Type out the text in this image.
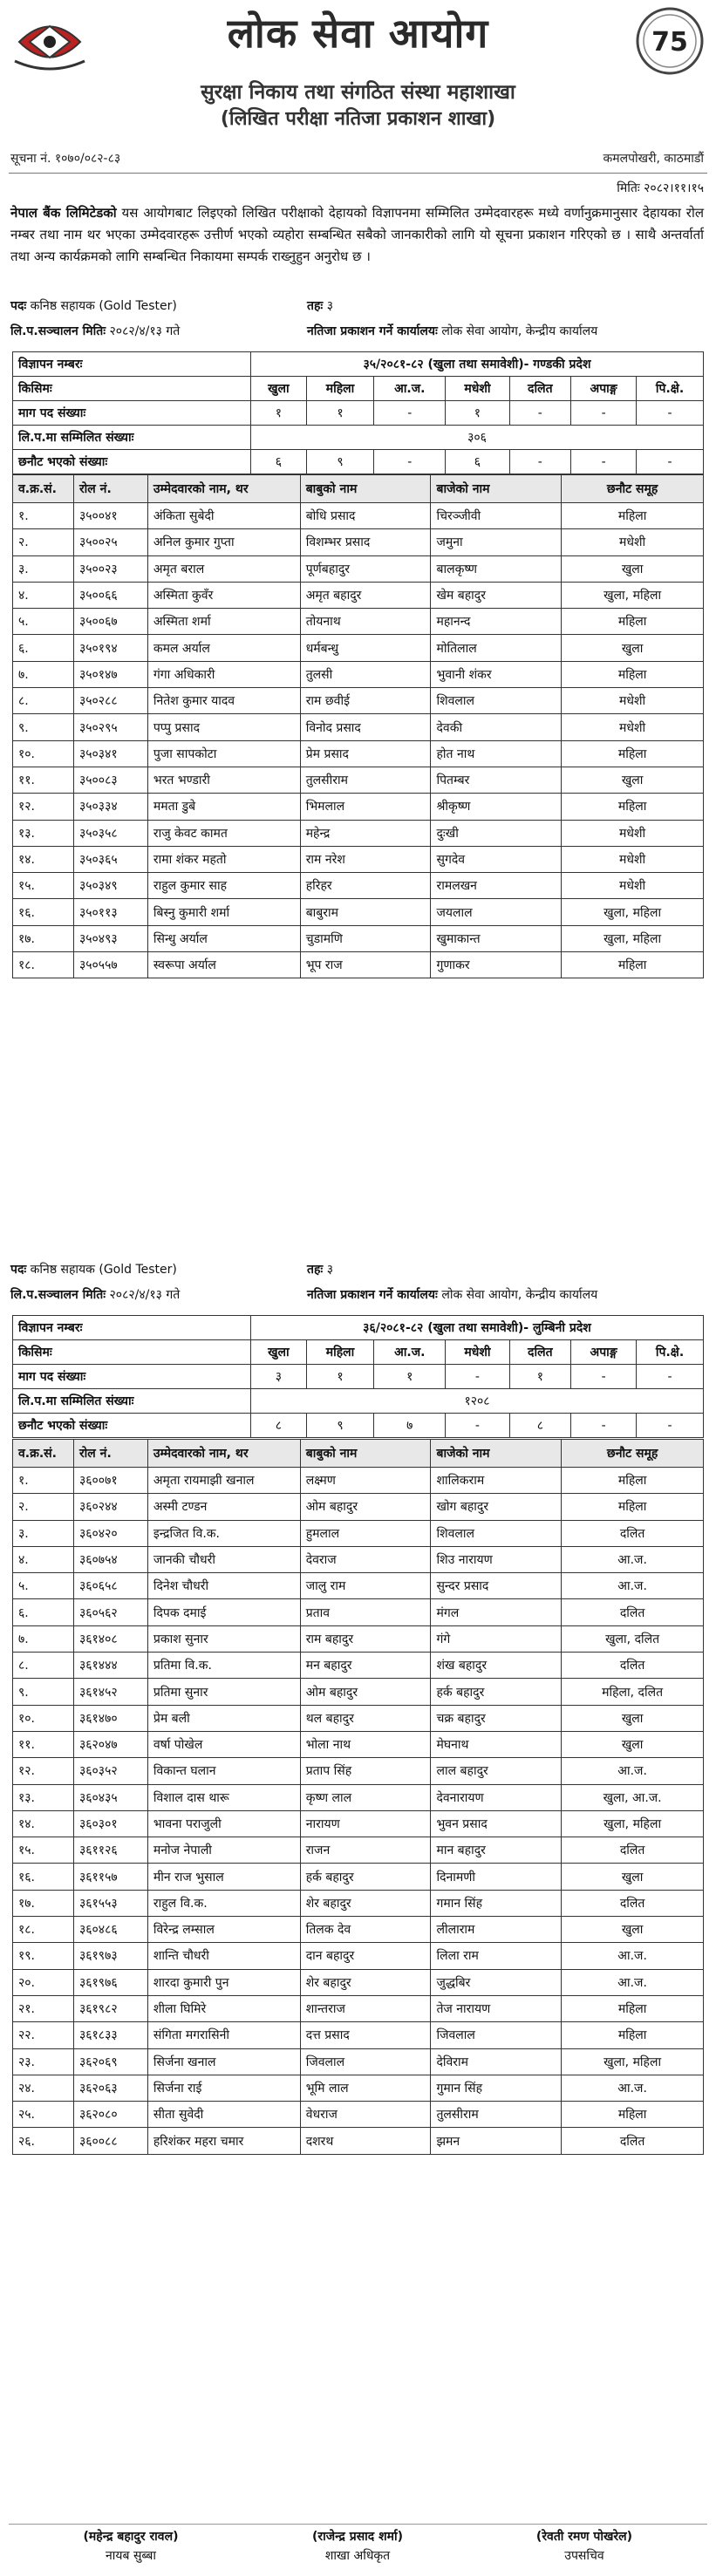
लोक सेवा आयोग	75
सुरक्षा निकाय तथा संगठित संस्था महाशाखा
(लिखित परीक्षा नतिजा प्रकाशन शाखा)
सूचना नं. १०७०/०८२-८३	कमलपोखरी, काठमाडौं
मितिः २०८२।११।१५
नेपाल बैंक लिमिटेडको यस आयोगबाट लिइएको लिखित परीक्षाको देहायको विज्ञापनमा सम्मिलित उम्मेदवारहरू मध्ये वर्णानुक्रमानुसार देहायका रोल नम्बर तथा नाम थर भएका उम्मेदवारहरू उत्तीर्ण भएको व्यहोरा सम्बन्धित सबैको जानकारीको लागि यो सूचना प्रकाशन गरिएको छ । साथै अन्तर्वार्ता तथा अन्य कार्यक्रमको लागि सम्बन्धित निकायमा सम्पर्क राख्नुहुन अनुरोध छ ।
पदः कनिष्ठ सहायक (Gold Tester)	तहः ३
लि.प.सञ्चालन मितिः २०८२/४/१३ गते	नतिजा प्रकाशन गर्ने कार्यालयः लोक सेवा आयोग, केन्द्रीय कार्यालय
विज्ञापन नम्बरः	३५/२०८१-८२ (खुला तथा समावेशी)- गण्डकी प्रदेश						
किसिमः	खुला	महिला	आ.ज.	मधेशी	दलित	अपाङ्ग	पि.क्षे.
माग पद संख्याः	१	१	-	१	-	-	-
लि.प.मा सम्मिलित संख्याः	३०६						
छनौट भएको संख्याः	६	९	-	६	-	-	-
व.क्र.सं.	रोल नं.	उम्मेदवारको नाम, थर	बाबुको नाम	बाजेको नाम	छनौट समूह
१.	३५००४१	अंकिता सुबेदी	बोधि प्रसाद	चिरञ्जीवी	महिला
२.	३५००२५	अनिल कुमार गुप्ता	विशम्भर प्रसाद	जमुना	मधेशी
३.	३५००२३	अमृत बराल	पूर्णबहादुर	बालकृष्ण	खुला
४.	३५००६६	अस्मिता कुवँर	अमृत बहादुर	खेम बहादुर	खुला, महिला
५.	३५००६७	अस्मिता शर्मा	तोयनाथ	महानन्द	महिला
६.	३५०१९४	कमल अर्याल	धर्मबन्धु	मोतिलाल	खुला
७.	३५०१४७	गंगा अधिकारी	तुलसी	भुवानी शंकर	महिला
८.	३५०२८८	नितेश कुमार यादव	राम छवीई	शिवलाल	मधेशी
९.	३५०२९५	पप्पु प्रसाद	विनोद प्रसाद	देवकी	मधेशी
१०.	३५०३४१	पुजा सापकोटा	प्रेम प्रसाद	होत नाथ	महिला
११.	३५००८३	भरत भण्डारी	तुलसीराम	पितम्बर	खुला
१२.	३५०३३४	ममता डुबे	भिमलाल	श्रीकृष्ण	महिला
१३.	३५०३५८	राजु केवट कामत	महेन्द्र	दुःखी	मधेशी
१४.	३५०३६५	रामा शंकर महतो	राम नरेश	सुगदेव	मधेशी
१५.	३५०३४९	राहुल कुमार साह	हरिहर	रामलखन	मधेशी
१६.	३५०११३	बिस्नु कुमारी शर्मा	बाबुराम	जयलाल	खुला, महिला
१७.	३५०४९३	सिन्धु अर्याल	चुडामणि	खुमाकान्त	खुला, महिला
१८.	३५०५५७	स्वरूपा अर्याल	भूप राज	गुणाकर	महिला
पदः कनिष्ठ सहायक (Gold Tester)	तहः ३
लि.प.सञ्चालन मितिः २०८२/४/१३ गते	नतिजा प्रकाशन गर्ने कार्यालयः लोक सेवा आयोग, केन्द्रीय कार्यालय
विज्ञापन नम्बरः	३६/२०८१-८२ (खुला तथा समावेशी)- लुम्बिनी प्रदेश						
किसिमः	खुला	महिला	आ.ज.	मधेशी	दलित	अपाङ्ग	पि.क्षे.
माग पद संख्याः	३	१	१	-	१	-	-
लि.प.मा सम्मिलित संख्याः	१२०८						
छनौट भएको संख्याः	८	९	७	-	८	-	-
व.क्र.सं.	रोल नं.	उम्मेदवारको नाम, थर	बाबुको नाम	बाजेको नाम	छनौट समूह
१.	३६००७१	अमृता रायमाझी खनाल	लक्ष्मण	शालिकराम	महिला
२.	३६०२४४	अस्मी टण्डन	ओम बहादुर	खोग बहादुर	महिला
३.	३६०४२०	इन्द्रजित वि.क.	हुमलाल	शिवलाल	दलित
४.	३६०७५४	जानकी चौधरी	देवराज	शिउ नारायण	आ.ज.
५.	३६०६५८	दिनेश चौधरी	जालु राम	सुन्दर प्रसाद	आ.ज.
६.	३६०५६२	दिपक दमाई	प्रताव	मंगल	दलित
७.	३६१४०८	प्रकाश सुनार	राम बहादुर	गंगे	खुला, दलित
८.	३६१४४४	प्रतिमा वि.क.	मन बहादुर	शंख बहादुर	दलित
९.	३६१४५२	प्रतिमा सुनार	ओम बहादुर	हर्क बहादुर	महिला, दलित
१०.	३६१४७०	प्रेम बली	थल बहादुर	चक्र बहादुर	खुला
११.	३६२०४७	वर्षा पोखेल	भोला नाथ	मेघनाथ	खुला
१२.	३६०३५२	विकान्त घलान	प्रताप सिंह	लाल बहादुर	आ.ज.
१३.	३६०४३५	विशाल दास थारू	कृष्ण लाल	देवनारायण	खुला, आ.ज.
१४.	३६०३०१	भावना पराजुली	नारायण	भुवन प्रसाद	खुला, महिला
१५.	३६११२६	मनोज नेपाली	राजन	मान बहादुर	दलित
१६.	३६११५७	मीन राज भुसाल	हर्क बहादुर	दिनामणी	खुला
१७.	३६१५५३	राहुल वि.क.	शेर बहादुर	गमान सिंह	दलित
१८.	३६०४८६	विरेन्द्र लम्साल	तिलक देव	लीलाराम	खुला
१९.	३६१९७३	शान्ति चौधरी	दान बहादुर	लिला राम	आ.ज.
२०.	३६१९७६	शारदा कुमारी पुन	शेर बहादुर	जुद्धबिर	आ.ज.
२१.	३६१९८२	शीला घिमिरे	शान्तराज	तेज नारायण	महिला
२२.	३६१८३३	संगिता मगरासिनी	दत्त प्रसाद	जिवलाल	महिला
२३.	३६२०६९	सिर्जना खनाल	जिवलाल	देविराम	खुला, महिला
२४.	३६२०६३	सिर्जना राई	भूमि लाल	गुमान सिंह	आ.ज.
२५.	३६२०८०	सीता सुवेदी	वेधराज	तुलसीराम	महिला
२६.	३६००८८	हरिशंकर महरा चमार	दशरथ	झमन	दलित
(महेन्द्र बहादुर रावल)
नायब सुब्बा
(राजेन्द्र प्रसाद शर्मा)
शाखा अधिकृत
(रेवती रमण पोखरेल)
उपसचिव
